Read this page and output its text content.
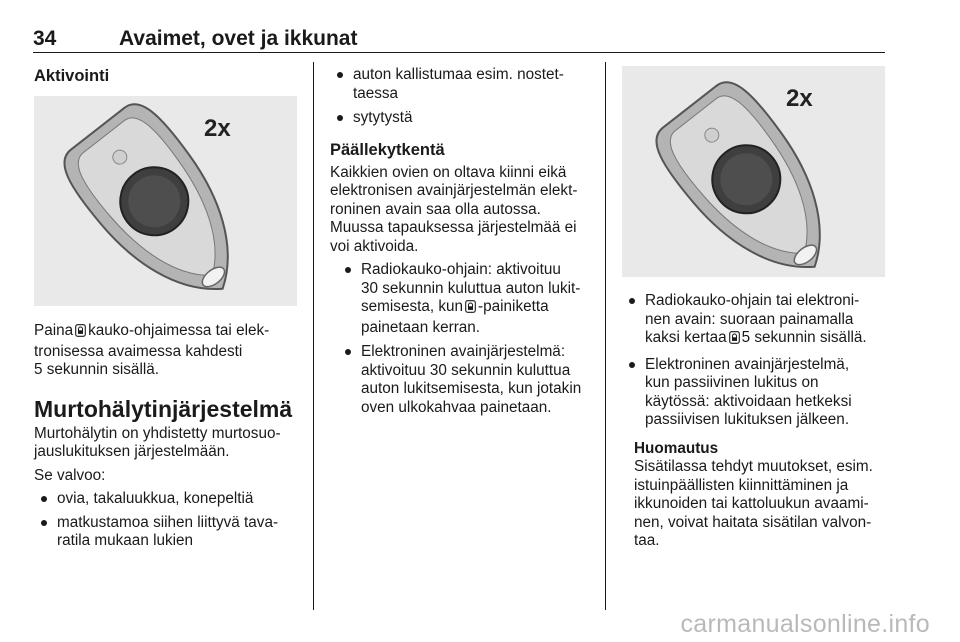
34	Avaimet, ovet ja ikkunat
Aktivointi
2x

Paina kauko-ohjaimessa tai elek-

tronisessa avaimessa kahdesti

5 sekunnin sisällä.

Murtohälytinjärjestelmä

Murtohälytin on yhdistetty murtosuo-

jauslukituksen järjestelmään.

Se valvoo:

ovia, takaluukkua, konepeltiä
matkustamoa siihen liittyvä tava-
ratila mukaan lukien
auton kallistumaa esim. nostet-
taessa
sytytystä
Päällekytkentä

Kaikkien ovien on oltava kiinni eikä

elektronisen avainjärjestelmän elekt-

roninen avain saa olla autossa.

Muussa tapauksessa järjestelmää ei

voi aktivoida.

Radiokauko-ohjain: aktivoituu
30 sekunnin kuluttua auton lukit-
semisesta, kun -painiketta
painetaan kerran.
Elektroninen avainjärjestelmä:
aktivoituu 30 sekunnin kuluttua
auton lukitsemisesta, kun jotakin
oven ulkokahvaa painetaan.
2x
Radiokauko-ohjain tai elektroni-
nen avain: suoraan painamalla
kaksi kertaa 5 sekunnin sisällä.
Elektroninen avainjärjestelmä,
kun passiivinen lukitus on
käytössä: aktivoidaan hetkeksi
passiivisen lukituksen jälkeen.
Huomautus

Sisätilassa tehdyt muutokset, esim.

istuinpäällisten kiinnittäminen ja

ikkunoiden tai kattoluukun avaami-

nen, voivat haitata sisätilan valvon-

taa.

carmanualsonline.info
